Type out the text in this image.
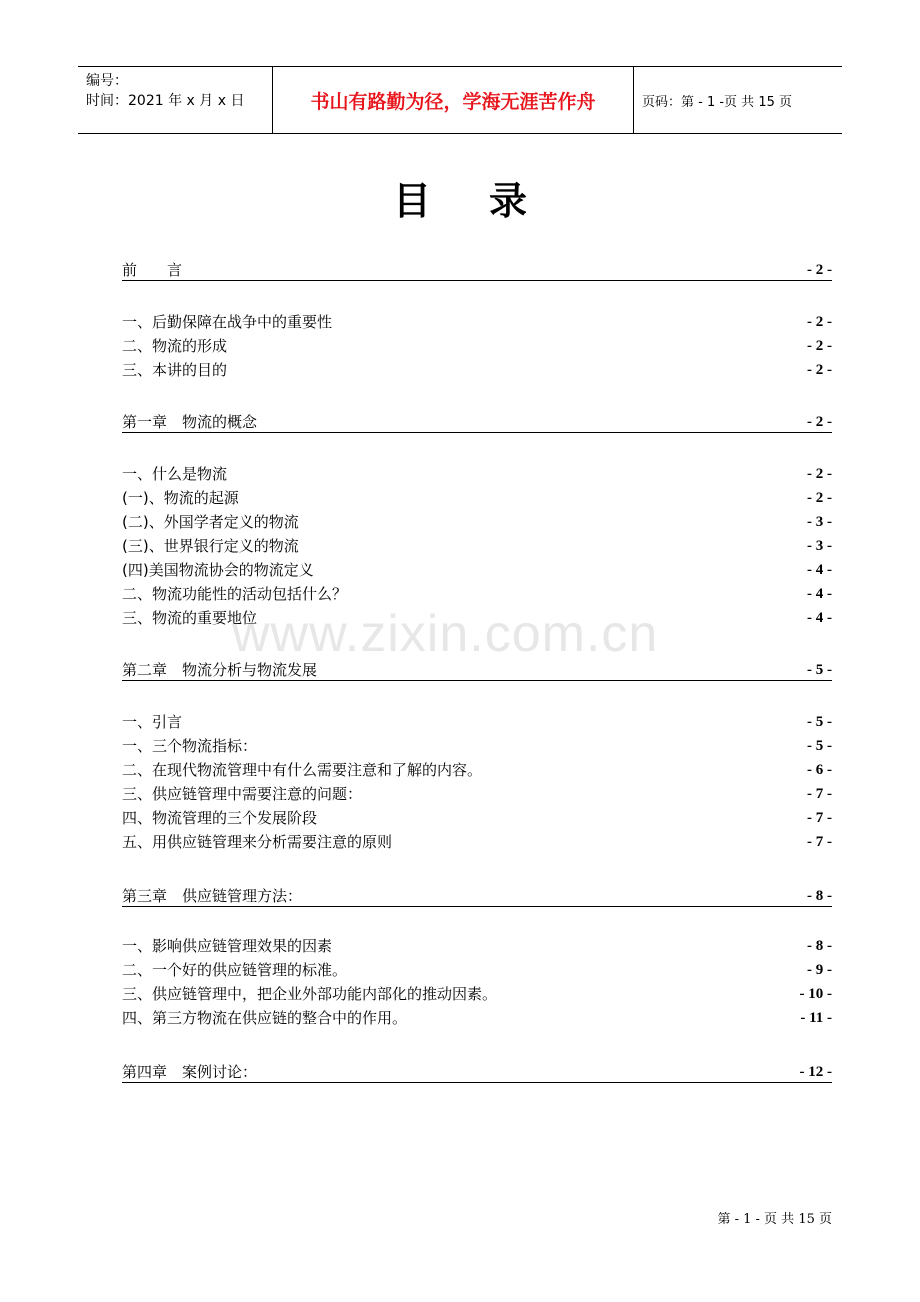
编号：
时间：2021 年 x 月 x 日	书山有路勤为径，学海无涯苦作舟	页码：第 - 1 -页 共 15 页
目录
www.zixin.com.cn
前　　言	- 2 -
一、后勤保障在战争中的重要性	- 2 -
二、物流的形成	- 2 -
三、本讲的目的	- 2 -
第一章　物流的概念	- 2 -
一、什么是物流	- 2 -
(一)、物流的起源	- 2 -
(二)、外国学者定义的物流	- 3 -
(三)、世界银行定义的物流	- 3 -
(四)美国物流协会的物流定义	- 4 -
二、物流功能性的活动包括什么？	- 4 -
三、物流的重要地位	- 4 -
第二章　物流分析与物流发展	- 5 -
一、引言	- 5 -
一、三个物流指标：	- 5 -
二、在现代物流管理中有什么需要注意和了解的内容。	- 6 -
三、供应链管理中需要注意的问题：	- 7 -
四、物流管理的三个发展阶段	- 7 -
五、用供应链管理来分析需要注意的原则	- 7 -
第三章　供应链管理方法：	- 8 -
一、影响供应链管理效果的因素	- 8 -
二、一个好的供应链管理的标准。	- 9 -
三、供应链管理中，把企业外部功能内部化的推动因素。	- 10 -
四、第三方物流在供应链的整合中的作用。	- 11 -
第四章　案例讨论：	- 12 -
第 - 1 - 页 共 15 页
